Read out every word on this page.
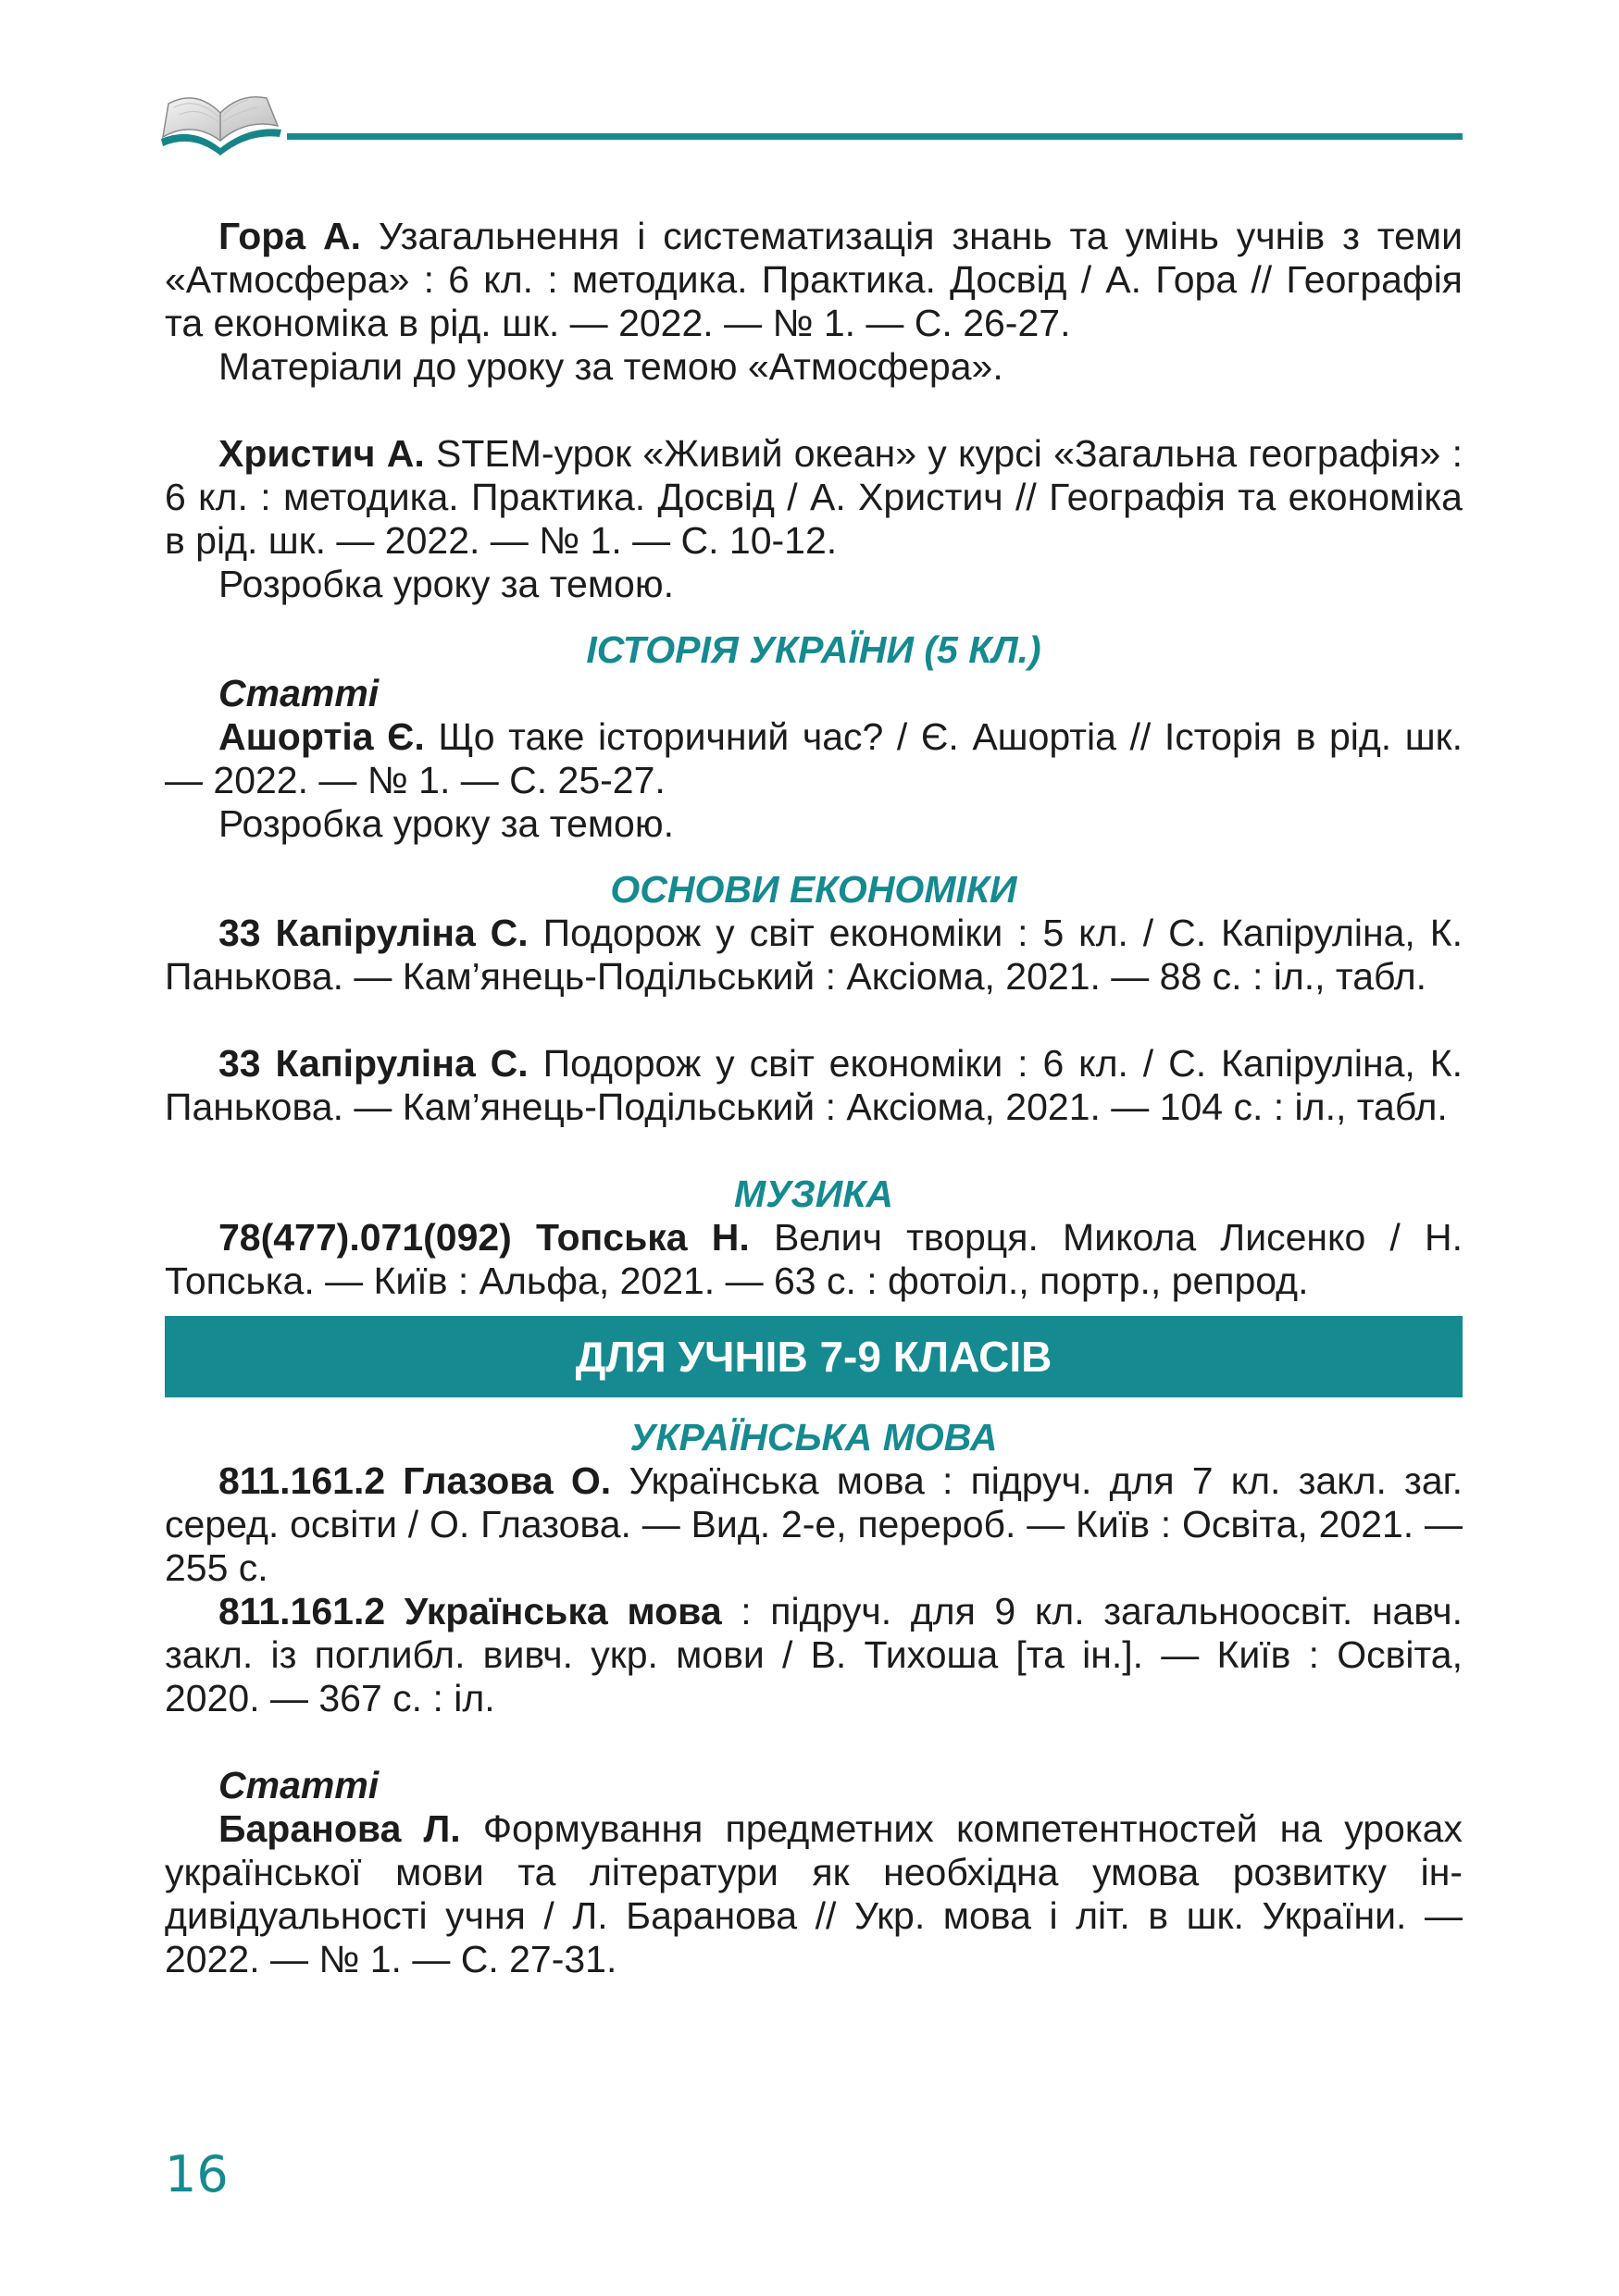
Гора А. Узагальнення і систематизація знань та умінь учнів з теми «Атмосфера» : 6 кл. : методика. Практика. Досвід / А. Гора // Географія та економіка в рід. шк. — 2022. — № 1. — С. 26-27.
Матеріали до уроку за темою «Атмосфера».
Христич А. STEM-урок «Живий океан» у курсі «Загальна географія» : 6 кл. : методика. Практика. Досвід / А. Христич // Географія та економіка в рід. шк. — 2022. — № 1. — С. 10-12.
Розробка уроку за темою.
ІСТОРІЯ УКРАЇНИ (5 КЛ.)
Статті
Ашортіа Є. Що таке історичний час? / Є. Ашортіа // Історія в рід. шк. — 2022. — № 1. — С. 25-27.
Розробка уроку за темою.
ОСНОВИ ЕКОНОМІКИ
33 Капіруліна С. Подорож у світ економіки : 5 кл. / С. Капіруліна, К. Панькова. — Кам’янець-Подільський : Аксіома, 2021. — 88 с. : іл., табл.
33 Капіруліна С. Подорож у світ економіки : 6 кл. / С. Капіруліна, К. Панькова. — Кам’янець-Подільський : Аксіома, 2021. — 104 с. : іл., табл.
МУЗИКА
78(477).071(092) Топська Н. Велич творця. Микола Лисенко / Н. Топська. — Київ : Альфа, 2021. — 63 с. : фотоіл., портр., репрод.
ДЛЯ УЧНІВ 7-9 КЛАСІВ
УКРАЇНСЬКА МОВА
811.161.2 Глазова О. Українська мова : підруч. для 7 кл. закл. заг. серед. освіти / О. Глазова. — Вид. 2-е, перероб. — Київ : Освіта, 2021. — 255 с.
811.161.2 Українська мова : підруч. для 9 кл. загальноосвіт. навч. закл. із поглибл. вивч. укр. мови / В. Тихоша [та ін.]. — Київ : Освіта, 2020. — 367 с. : іл.
Статті
Баранова Л. Формування предметних компетентностей на уроках української мови та літератури як необхідна умова розвитку індивідуальності учня / Л. Баранова // Укр. мова і літ. в шк. України. — 2022. — № 1. — С. 27-31.
16
